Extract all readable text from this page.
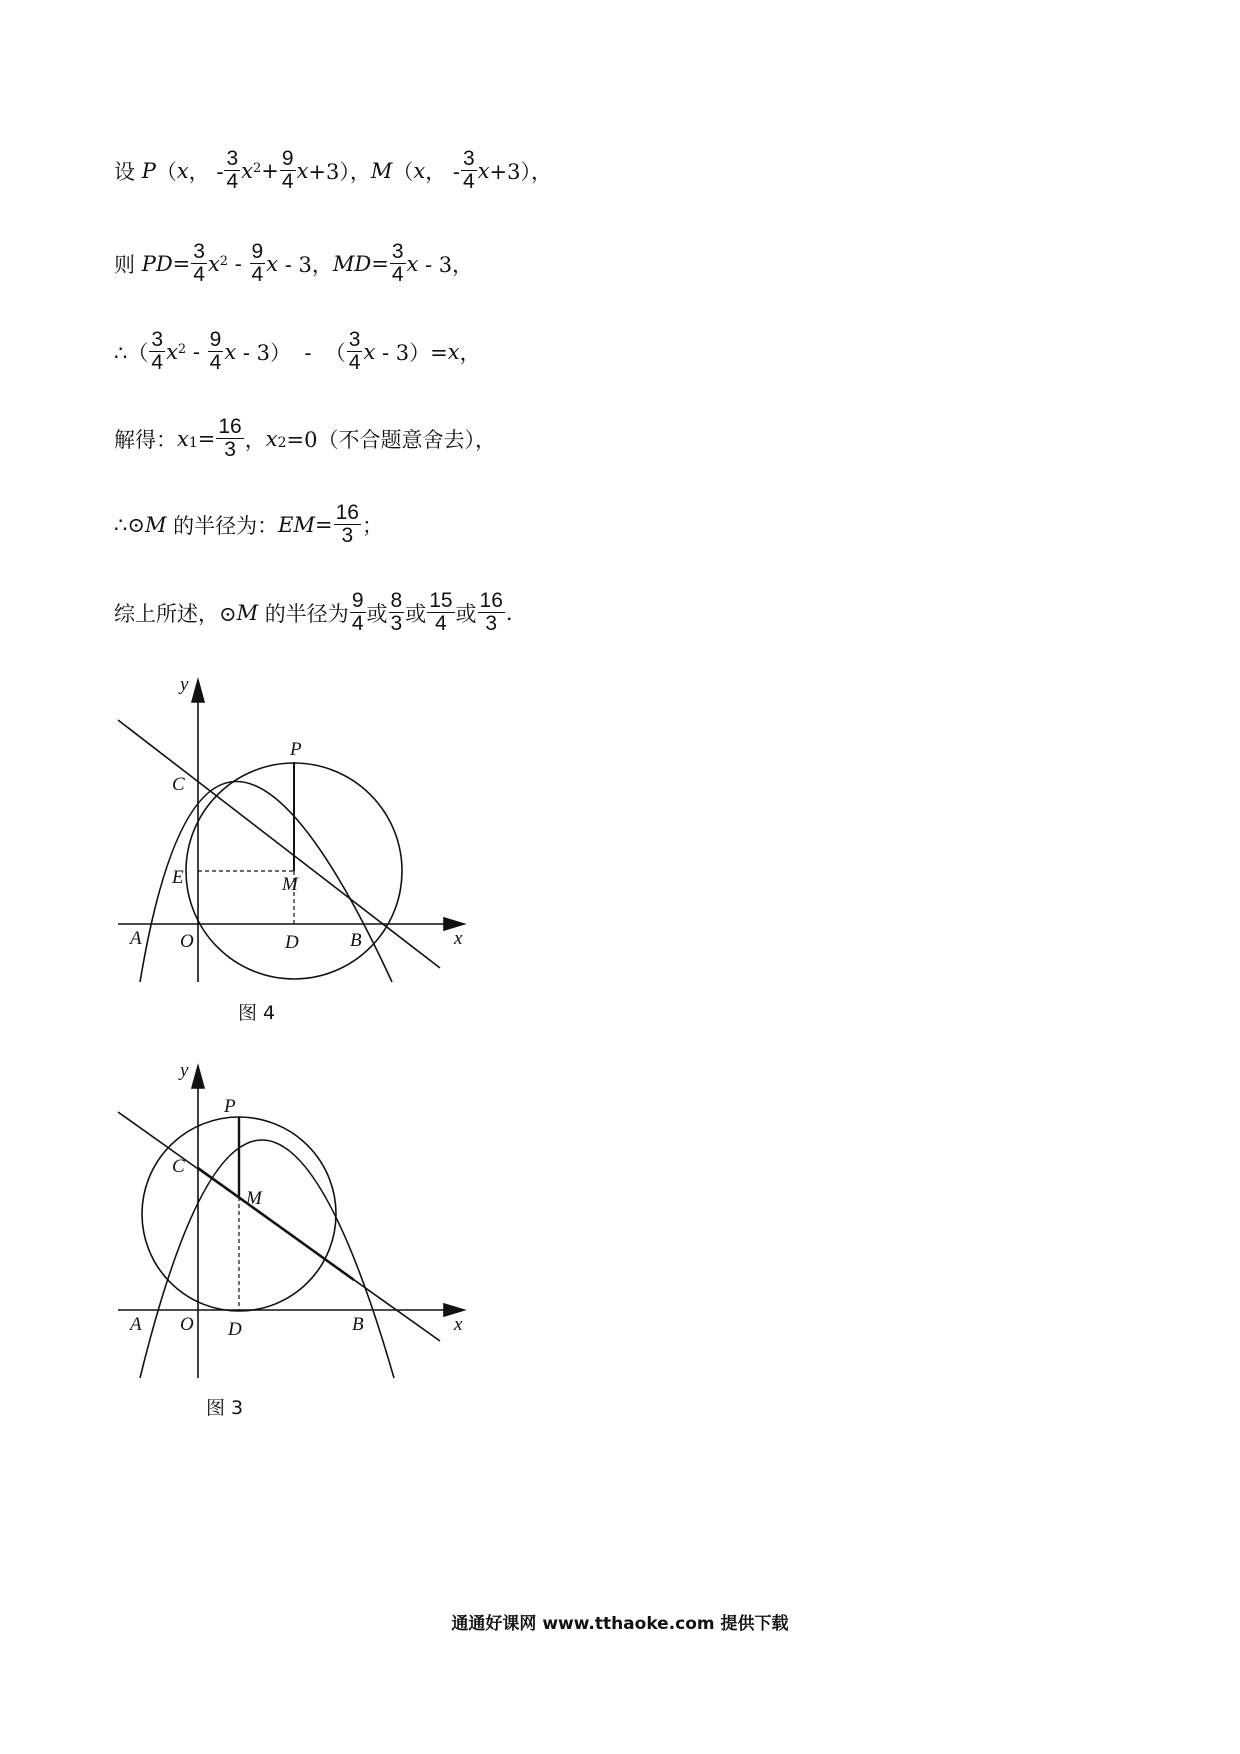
设
P （ x ， - $\frac{3}{4} x^2 + \frac{9}{4}$ x +3）， M （ x ， - $\frac{3}{4}$ x +3），
则
PD = $\frac{3}{4} x^2 - \frac{9}{4}$ x - 3， MD = $\frac{3}{4}$ x - 3，
∴（ $\frac{3}{4} x^2 - \frac{9}{4}$ x - 3）  -  （ $\frac{3}{4}$ x - 3）= x ，
解得： $x_1 = \frac{16}{3}$ ， $x_2 =0$（不合题意舍去），
∴⊙ M 的半径为： EM = $\frac{16}{3}$ ；
综上所述，⊙ M 的半径为 $\frac{9}{4}$ 或 $\frac{8}{3}$ 或 $\frac{15}{4}$ 或 $\frac{16}{3}$ .
y
x
P
C
E	M
A O	D	B
图 4
y
x
P
C
M
A O D	B
图 3
通通好课网 www.tthaoke.com 提供下载
